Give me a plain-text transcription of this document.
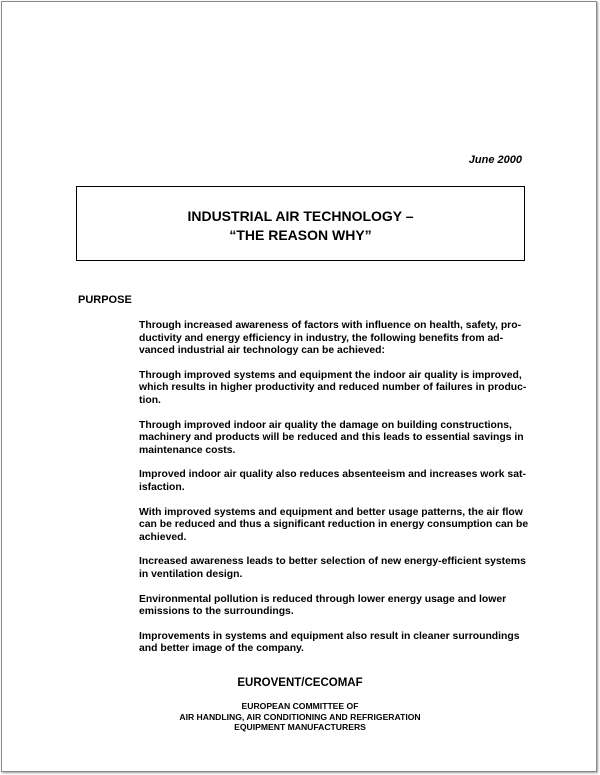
June 2000
INDUSTRIAL AIR TECHNOLOGY –
“THE REASON WHY”
PURPOSE

Through increased awareness of factors with influence on health, safety, pro-
ductivity and energy efficiency in industry, the following benefits from ad-
vanced industrial air technology can be achieved:

Through improved systems and equipment the indoor air quality is improved,
which results in higher productivity and reduced number of failures in produc-
tion.

Through improved indoor air quality the damage on building constructions,
machinery and products will be reduced and this leads to essential savings in
maintenance costs.

Improved indoor air quality also reduces absenteeism and increases work sat-
isfaction.

With improved systems and equipment and better usage patterns, the air flow
can be reduced and thus a significant reduction in energy consumption can be
achieved.

Increased awareness leads to better selection of new energy-efficient systems
in ventilation design.

Environmental pollution is reduced through lower energy usage and lower
emissions to the surroundings.

Improvements in systems and equipment also result in cleaner surroundings
and better image of the company.

EUROVENT/CECOMAF
EUROPEAN COMMITTEE OF
AIR HANDLING, AIR CONDITIONING AND REFRIGERATION
EQUIPMENT MANUFACTURERS
